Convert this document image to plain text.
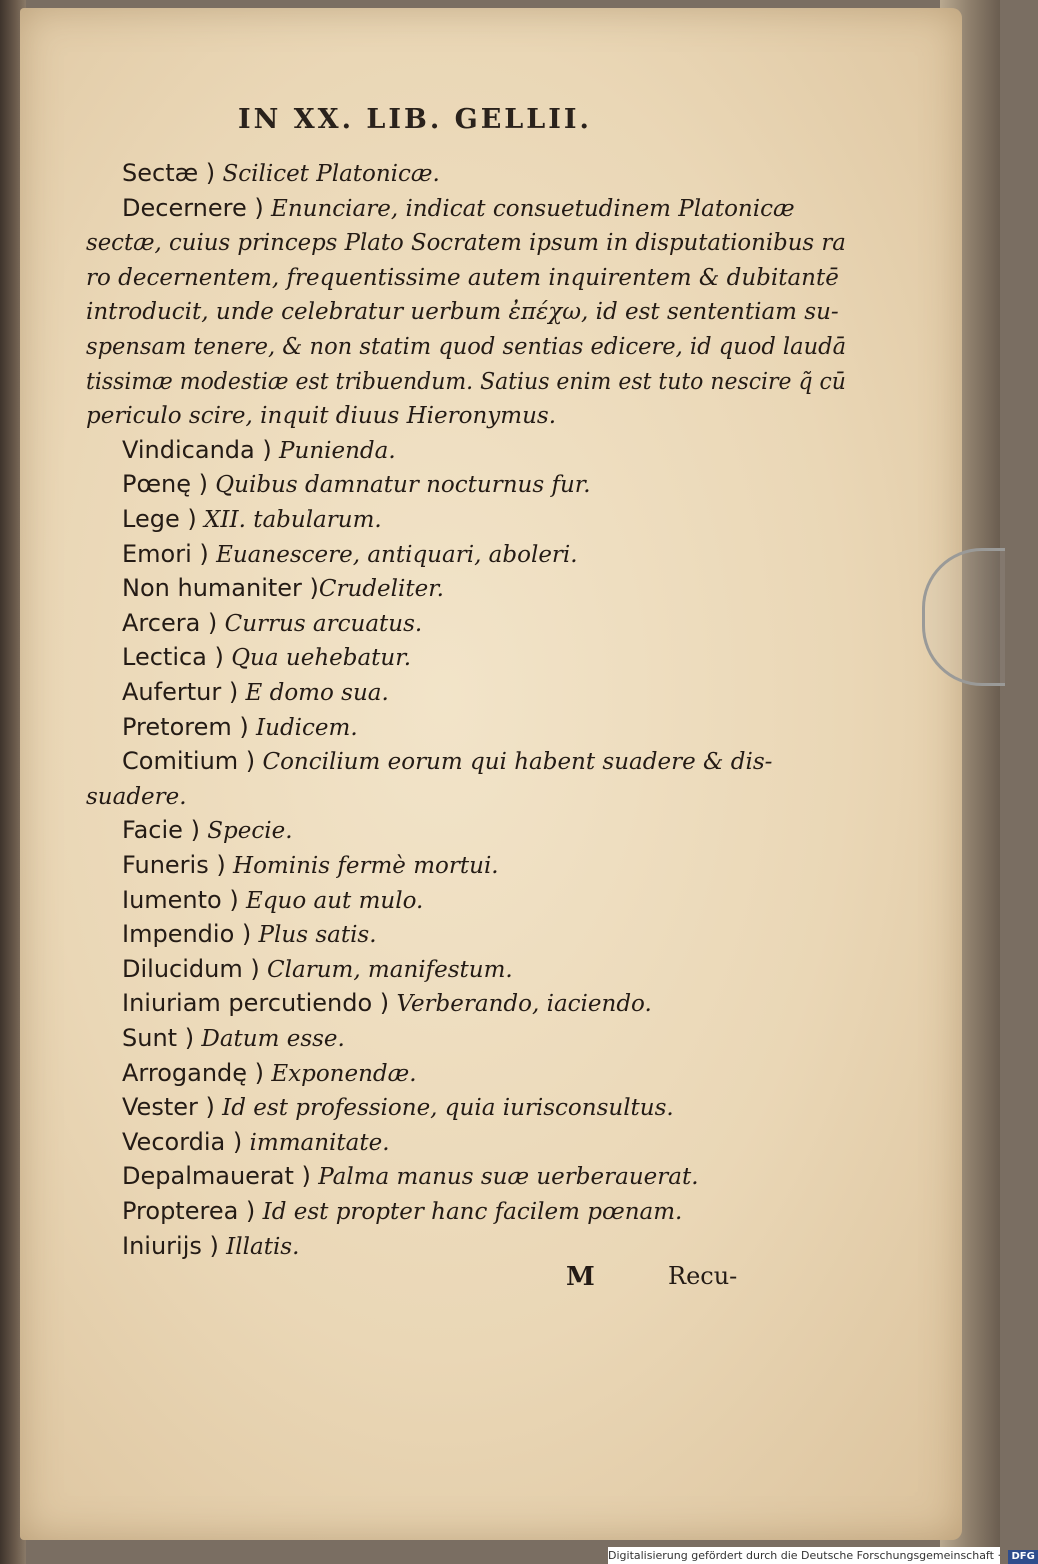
IN XX. LIB. GELLII.
Sectæ ) Scilicet Platonicæ.
Decernere ) Enunciare, indicat consuetudinem Platonicæ
sectæ, cuius princeps Plato Socratem ipsum in disputationibus ra
ro decernentem, frequentissime autem inquirentem & dubitantē
introducit, unde celebratur uerbum ἐπέχω, id est sententiam su-
spensam tenere, & non statim quod sentias edicere, id quod laudā
tissimæ modestiæ est tribuendum. Satius enim est tuto nescire q̃ cū
periculo scire, inquit diuus Hieronymus.
Vindicanda ) Punienda.
Pœnę ) Quibus damnatur nocturnus fur.
Lege ) XII. tabularum.
Emori ) Euanescere, antiquari, aboleri.
Non humaniter )Crudeliter.
Arcera ) Currus arcuatus.
Lectica ) Qua uehebatur.
Aufertur ) E domo sua.
Pretorem ) Iudicem.
Comitium ) Concilium eorum qui habent suadere & dis-
suadere.
Facie ) Specie.
Funeris ) Hominis fermè mortui.
Iumento ) Equo aut mulo.
Impendio ) Plus satis.
Dilucidum ) Clarum, manifestum.
Iniuriam percutiendo ) Verberando, iaciendo.
Sunt ) Datum esse.
Arrogandę ) Exponendæ.
Vester ) Id est professione, quia iurisconsultus.
Vecordia ) immanitate.
Depalmauerat ) Palma manus suæ uerberauerat.
Propterea ) Id est propter hanc facilem pœnam.
Iniurijs ) Illatis.
M	Recu-
Digitalisierung gefördert durch die Deutsche Forschungsgemeinschaft · DFG
